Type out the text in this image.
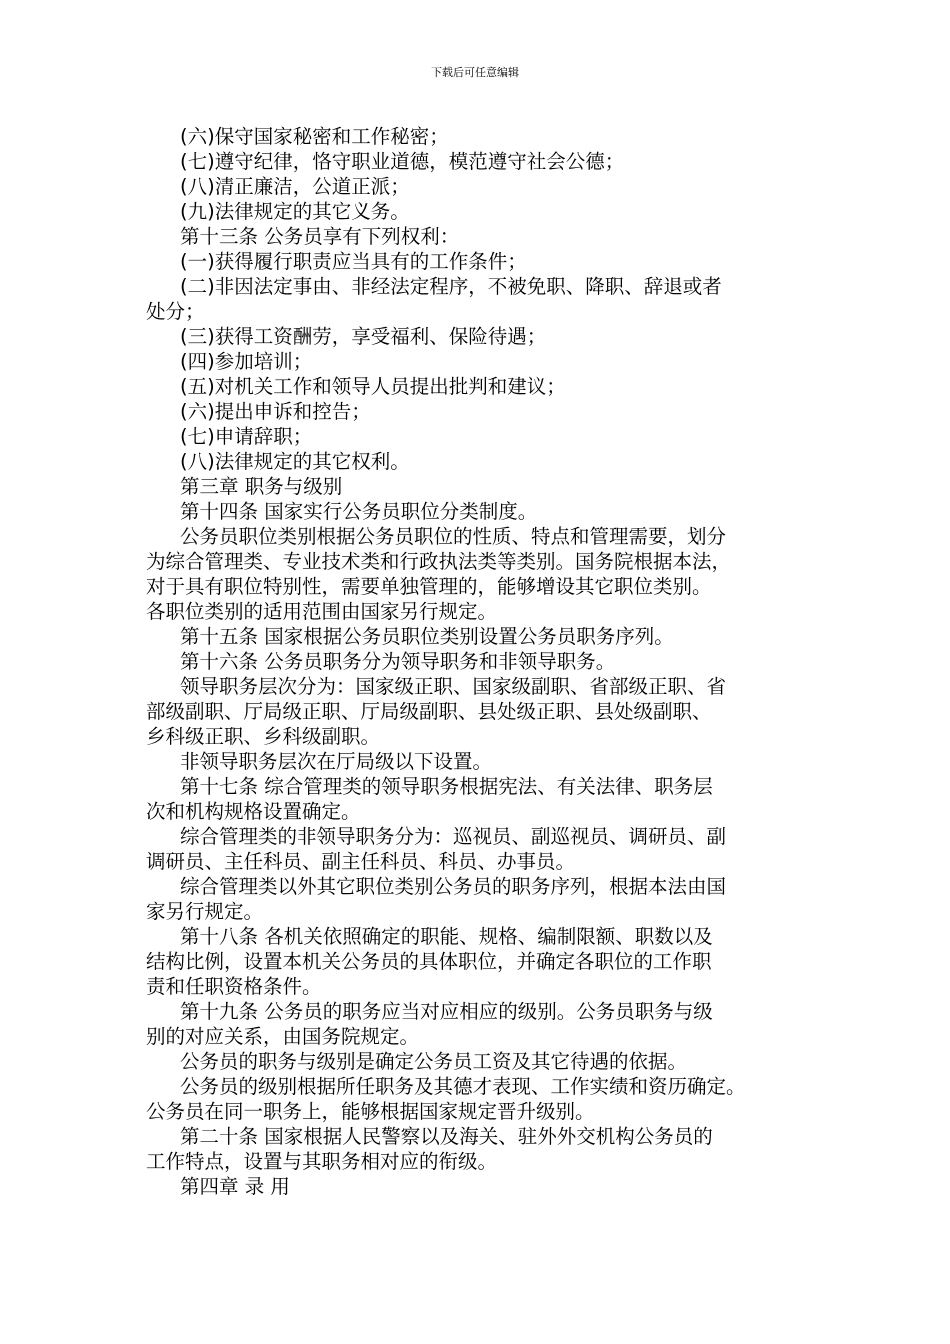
下载后可任意编辑

(六)保守国家秘密和工作秘密；

(七)遵守纪律，恪守职业道德，模范遵守社会公德；

(八)清正廉洁，公道正派；

(九)法律规定的其它义务。

第十三条 公务员享有下列权利：

(一)获得履行职责应当具有的工作条件；

(二)非因法定事由、非经法定程序，不被免职、降职、辞退或者

处分；

(三)获得工资酬劳，享受福利、保险待遇；

(四)参加培训；

(五)对机关工作和领导人员提出批判和建议；

(六)提出申诉和控告；

(七)申请辞职；

(八)法律规定的其它权利。

第三章 职务与级别

第十四条 国家实行公务员职位分类制度。

公务员职位类别根据公务员职位的性质、特点和管理需要，划分

为综合管理类、专业技术类和行政执法类等类别。国务院根据本法，

对于具有职位特别性，需要单独管理的，能够增设其它职位类别。

各职位类别的适用范围由国家另行规定。

第十五条 国家根据公务员职位类别设置公务员职务序列。

第十六条 公务员职务分为领导职务和非领导职务。

领导职务层次分为：国家级正职、国家级副职、省部级正职、省

部级副职、厅局级正职、厅局级副职、县处级正职、县处级副职、

乡科级正职、乡科级副职。

非领导职务层次在厅局级以下设置。

第十七条 综合管理类的领导职务根据宪法、有关法律、职务层

次和机构规格设置确定。

综合管理类的非领导职务分为：巡视员、副巡视员、调研员、副

调研员、主任科员、副主任科员、科员、办事员。

综合管理类以外其它职位类别公务员的职务序列，根据本法由国

家另行规定。

第十八条 各机关依照确定的职能、规格、编制限额、职数以及

结构比例，设置本机关公务员的具体职位，并确定各职位的工作职

责和任职资格条件。

第十九条 公务员的职务应当对应相应的级别。公务员职务与级

别的对应关系，由国务院规定。

公务员的职务与级别是确定公务员工资及其它待遇的依据。

公务员的级别根据所任职务及其德才表现、工作实绩和资历确定。

公务员在同一职务上，能够根据国家规定晋升级别。

第二十条 国家根据人民警察以及海关、驻外外交机构公务员的

工作特点，设置与其职务相对应的衔级。

第四章 录 用
